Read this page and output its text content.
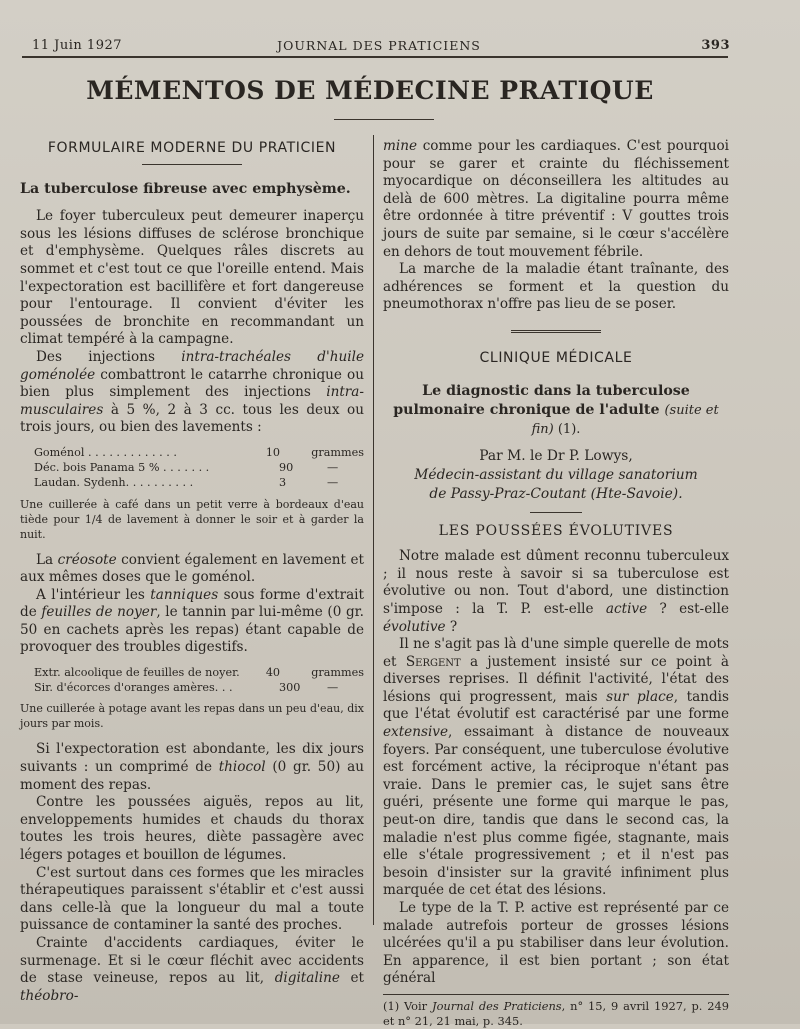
11 Juin 1927	JOURNAL DES PRATICIENS	393
MÉMENTOS DE MÉDECINE PRATIQUE
FORMULAIRE MODERNE DU PRATICIEN
La tuberculose fibreuse avec emphysème.

Le foyer tuberculeux peut demeurer inaperçu sous les lésions diffuses de sclérose bronchique et d'emphysème. Quelques râles discrets au sommet et c'est tout ce que l'oreille entend. Mais l'expectoration est bacillifère et fort dangereuse pour l'entourage. Il convient d'éviter les poussées de bronchite en recommandant un climat tempéré à la campagne.

Des injections intra-trachéales d'huile goménolée combattront le catarrhe chronique ou bien plus simplement des injections intra-musculaires à 5 %, 2 à 3 cc. tous les deux ou trois jours, ou bien des lavements :

Goménol . . . . . . . . . . . . .	10	grammes
Déc. bois Panama 5 % . . . . . . .	90	—
Laudan. Sydenh. . . . . . . . . .	3	—
Une cuillerée à café dans un petit verre à bordeaux d'eau tiède pour 1/4 de lavement à donner le soir et à garder la nuit.

La créosote convient également en lavement et aux mêmes doses que le goménol.

A l'intérieur les tanniques sous forme d'extrait de feuilles de noyer, le tannin par lui-même (0 gr. 50 en cachets après les repas) étant capable de provoquer des troubles digestifs.

Extr. alcoolique de feuilles de noyer.	40	grammes
Sir. d'écorces d'oranges amères. . .	300	—
Une cuillerée à potage avant les repas dans un peu d'eau, dix jours par mois.

Si l'expectoration est abondante, les dix jours suivants : un comprimé de thiocol (0 gr. 50) au moment des repas.

Contre les poussées aiguës, repos au lit, enveloppements humides et chauds du thorax toutes les trois heures, diète passagère avec légers potages et bouillon de légumes.

C'est surtout dans ces formes que les miracles thérapeutiques paraissent s'établir et c'est aussi dans celle-là que la longueur du mal a toute puissance de contaminer la santé des proches.

Crainte d'accidents cardiaques, éviter le surmenage. Et si le cœur fléchit avec accidents de stase veineuse, repos au lit, digitaline et théobro-

mine comme pour les cardiaques. C'est pourquoi pour se garer et crainte du fléchissement myocardique on déconseillera les altitudes au delà de 600 mètres. La digitaline pourra même être ordonnée à titre préventif : V gouttes trois jours de suite par semaine, si le cœur s'accélère en dehors de tout mouvement fébrile.

La marche de la maladie étant traînante, des adhérences se forment et la question du pneumothorax n'offre pas lieu de se poser.

CLINIQUE MÉDICALE
Le diagnostic dans la tuberculose pulmonaire chronique de l'adulte (suite et fin) (1).
Par M. le Dr P. Lowys,
Médecin-assistant du village sanatorium
de Passy-Praz-Coutant (Hte-Savoie).
LES POUSSÉES ÉVOLUTIVES

Notre malade est dûment reconnu tuberculeux ; il nous reste à savoir si sa tuberculose est évolutive ou non. Tout d'abord, une distinction s'impose : la T. P. est-elle active ? est-elle évolutive ?

Il ne s'agit pas là d'une simple querelle de mots et Sergent a justement insisté sur ce point à diverses reprises. Il définit l'activité, l'état des lésions qui progressent, mais sur place, tandis que l'état évolutif est caractérisé par une forme extensive, essaimant à distance de nouveaux foyers. Par conséquent, une tuberculose évolutive est forcément active, la réciproque n'étant pas vraie. Dans le premier cas, le sujet sans être guéri, présente une forme qui marque le pas, peut-on dire, tandis que dans le second cas, la maladie n'est plus comme figée, stagnante, mais elle s'étale progressivement ; et il n'est pas besoin d'insister sur la gravité infiniment plus marquée de cet état des lésions.

Le type de la T. P. active est représenté par ce malade autrefois porteur de grosses lésions ulcérées qu'il a pu stabiliser dans leur évolution. En apparence, il est bien portant ; son état général

(1) Voir Journal des Praticiens, n° 15, 9 avril 1927, p. 249 et n° 21, 21 mai, p. 345.
